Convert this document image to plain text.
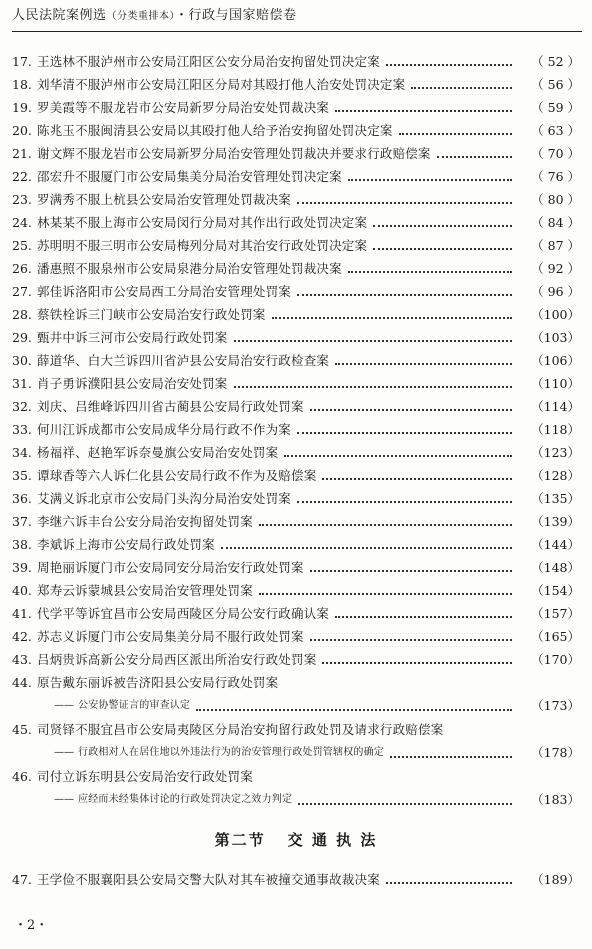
人民法院案例选（分类重排本）・行政与国家赔偿卷
17. 王选林不服泸州市公安局江阳区公安分局治安拘留处罚决定案	（ 52 ）
18. 刘华清不服泸州市公安局江阳区分局对其殴打他人治安处罚决定案	（ 56 ）
19. 罗美霞等不服龙岩市公安局新罗分局治安处罚裁决案	（ 59 ）
20. 陈兆玉不服闽清县公安局以其殴打他人给予治安拘留处罚决定案	（ 63 ）
21. 谢文辉不服龙岩市公安局新罗分局治安管理处罚裁决并要求行政赔偿案	（ 70 ）
22. 邵宏升不服厦门市公安局集美分局治安管理处罚决定案	（ 76 ）
23. 罗满秀不服上杭县公安局治安管理处罚裁决案	（ 80 ）
24. 林某某不服上海市公安局闵行分局对其作出行政处罚决定案	（ 84 ）
25. 苏明明不服三明市公安局梅列分局对其治安行政处罚决定案	（ 87 ）
26. 潘惠照不服泉州市公安局泉港分局治安管理处罚裁决案	（ 92 ）
27. 郭佳诉洛阳市公安局西工分局治安管理处罚案	（ 96 ）
28. 蔡铁栓诉三门峡市公安局治安行政处罚案	（100）
29. 甄井中诉三河市公安局行政处罚案	（103）
30. 薛道华、白大兰诉四川省泸县公安局治安行政检查案	（106）
31. 肖子勇诉濮阳县公安局治安处罚案	（110）
32. 刘庆、吕维峰诉四川省古蔺县公安局行政处罚案	（114）
33. 何川江诉成都市公安局成华分局行政不作为案	（118）
34. 杨福祥、赵艳军诉奈曼旗公安局治安处罚案	（123）
35. 谭球香等六人诉仁化县公安局行政不作为及赔偿案	（128）
36. 艾满义诉北京市公安局门头沟分局治安处罚案	（135）
37. 李继六诉丰台公安分局治安拘留处罚案	（139）
38. 李斌诉上海市公安局行政处罚案	（144）
39. 周艳丽诉厦门市公安局同安分局治安行政处罚案	（148）
40. 郑寿云诉蒙城县公安局治安管理处罚案	（154）
41. 代学平等诉宜昌市公安局西陵区分局公安行政确认案	（157）
42. 苏志义诉厦门市公安局集美分局不服行政处罚案	（165）
43. 吕炳贵诉高新公安分局西区派出所治安行政处罚案	（170）
44. 原告戴东丽诉被告济阳县公安局行政处罚案
—— 公安协警证言的审查认定	（173）
45. 司贤铎不服宜昌市公安局夷陵区分局治安拘留行政处罚及请求行政赔偿案
—— 行政相对人在居住地以外违法行为的治安管理行政处罚管辖权的确定	（178）
46. 司付立诉东明县公安局治安行政处罚案
—— 应经而未经集体讨论的行政处罚决定之效力判定	（183）
第二节 交 通 执 法
47. 王学俭不服襄阳县公安局交警大队对其车被撞交通事故裁决案	（189）
・2・
